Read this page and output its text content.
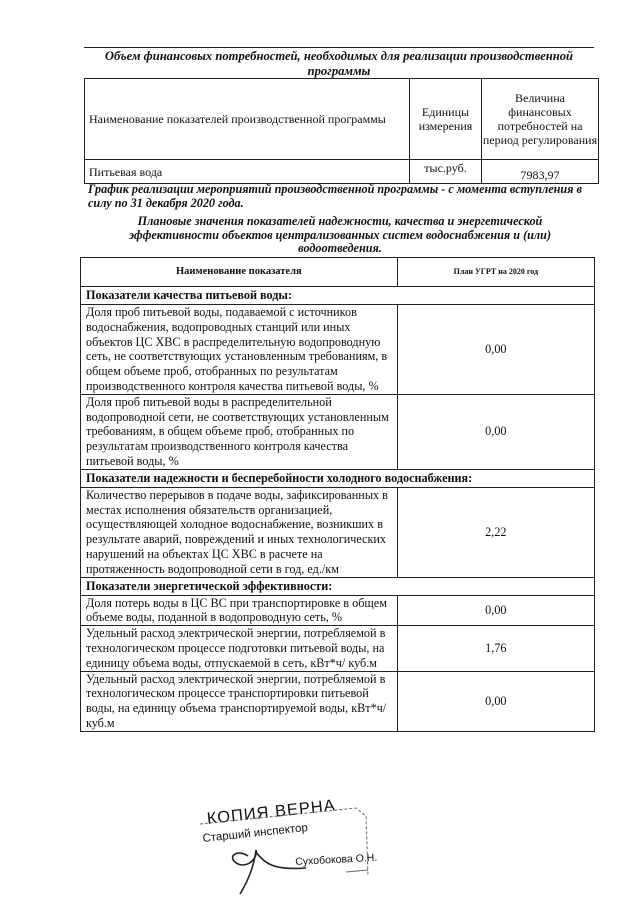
Объем финансовых потребностей, необходимых для реализации производственной программы
Наименование показателей производственной программы	Единицы измерения	Величина финансовых потребностей на период регулирования
Питьевая вода	тыс.руб.	7983,97
График реализации мероприятий производственной программы - с момента вступления в силу по 31 декабря 2020 года.
Плановые значения показателей надежности, качества и энергетической эффективности объектов централизованных систем водоснабжения и (или) водоотведения.
Наименование показателя	План УГРТ на 2020 год
Показатели качества питьевой воды:	
Доля проб питьевой воды, подаваемой с источников водоснабжения, водопроводных станций или иных объектов ЦС ХВС в распределительную водопроводную сеть, не соответствующих установленным требованиям, в общем объеме проб, отобранных по результатам производственного контроля качества питьевой воды, %	0,00
Доля проб питьевой воды в распределительной водопроводной сети, не соответствующих установленным требованиям, в общем объеме проб, отобранных по результатам производственного контроля качества питьевой воды, %	0,00
Показатели надежности и бесперебойности холодного водоснабжения:	
Количество перерывов в подаче воды, зафиксированных в местах исполнения обязательств организацией, осуществляющей холодное водоснабжение, возникших в результате аварий, повреждений и иных технологических нарушений на объектах ЦС ХВС в расчете на протяженность водопроводной сети в год, ед./км	2,22
Показатели энергетической эффективности:	
Доля потерь воды в ЦС ВС при транспортировке в общем объеме воды, поданной в водопроводную сеть, %	0,00
Удельный расход электрической энергии, потребляемой в технологическом процессе подготовки питьевой воды, на единицу объема воды, отпускаемой в сеть, кВт*ч/ куб.м	1,76
Удельный расход электрической энергии, потребляемой в технологическом процессе транспортировки питьевой воды, на единицу объема транспортируемой воды, кВт*ч/ куб.м	0,00
КОПИЯ ВЕРНА
Старший инспектор
Сухобокова О.Н.
